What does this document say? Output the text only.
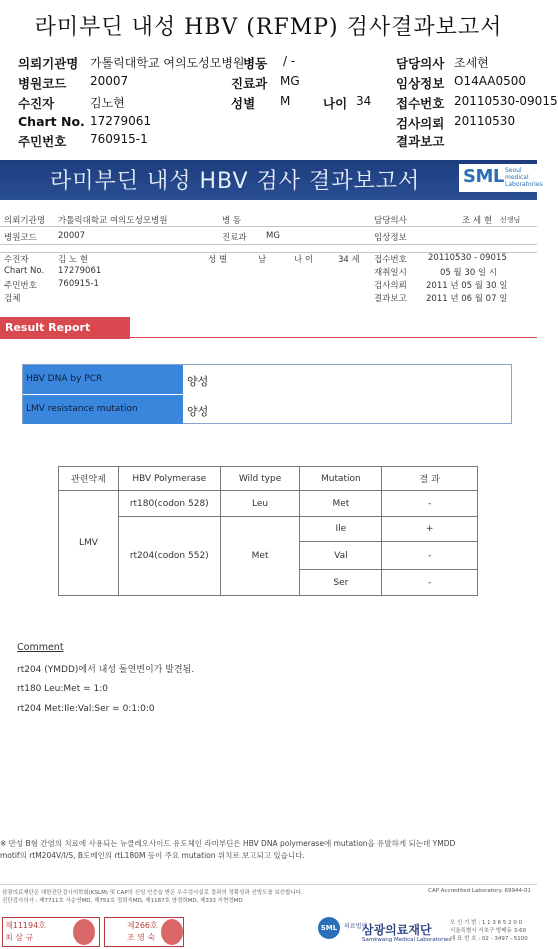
라미부딘 내성 HBV (RFMP) 검사결과보고서
의뢰기관명 가톨릭대학교 여의도성모병원
병동 / -	담당의사 조세현
병원코드 20007	진료과 MG	임상정보 O14AA0500
수진자	김노현	성별 M	나이 34 접수번호 20110530-09015
Chart No. 17279061	검사의뢰 20110530
주민번호 760915-1	결과보고
라미부딘 내성 HBV 검사 결과보고서 SML Seoul medical Laboratories
의뢰기관명 가톨릭대학교 여의도성모병원	병 동	담당의사	조 세 현 선생님
병원코드 20007	진료과 MG	임상정보
수진자	김 노 현	성 별	남	나 이	34 세 접수번호 20110530 - 09015
Chart No. 17279061	재취일시	05 월 30 일 시
주민번호 760915-1	검사의뢰 2011 년 05 월 30 일
검체	결과보고 2011 년 06 월 07 일
Result Report
HBV DNA by PCR	양성
LMV resistance mutation	양성
관련약제	HBV Polymerase	Wild type	Mutation	결 과
LMV	rt180(codon 528)	Leu	Met	-
	rt204(codon 552)	Met	Ile	+
			Val	-
			Ser	-
Comment
rt204 (YMDD)에서 내성 돌연변이가 발견됨.
rt180 Leu:Met = 1:0
rt204 Met:Ile:Val:Ser = 0:1:0:0
※ 만성 B형 간염의 치료에 사용되는 뉴클레오사이드 유도체인 라미부딘은 HBV DNA polymerase에 mutation을 유발하게 되는데 YMDD
motif의 rtM204V/I/S, B도메인의 rtL180M 등이 주요 mutation 위치로 보고되고 있습니다.
삼광의료재단은 대한진단검사의학회(KSLM) 및 CAP의 신임 인증을 받은 우수검사실로 결과의 정확성과 신빙도를 보증합니다.
진단검사의사 : 제7711호 서순연MD, 제751호 정희숙MD, 제1187호 염정희MD, 제333 지현정MD
CAP Accredited Laboratory. 69944-01
제11194호
최 삼 규
제266호
조 영 숙
SML	의료법인
삼광의료재단
Samkwang Medical Laboratories
오 신 기 번 : 1 1 3 6 5 2 0 0
서울특별시 서초구 방배동 3-60
대 표 번 호 : 02 - 3497 - 5100
